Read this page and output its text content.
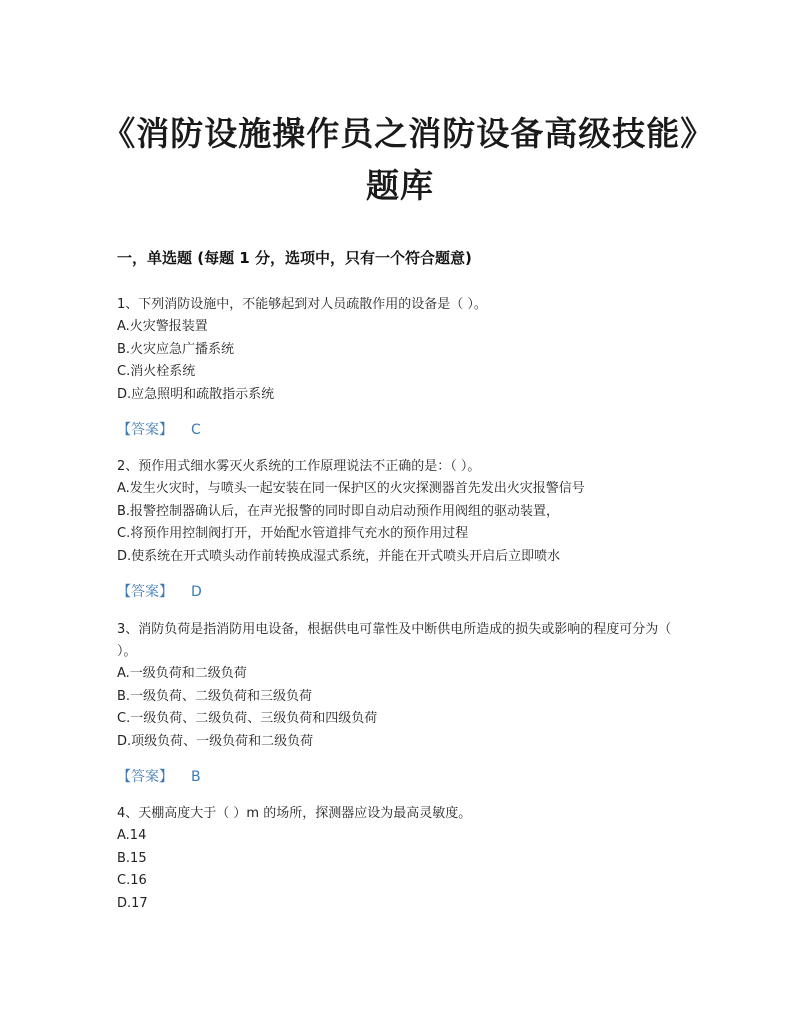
《消防设施操作员之消防设备高级技能》题库
一，单选题 (每题 1 分，选项中，只有一个符合题意)
1、下列消防设施中，不能够起到对人员疏散作用的设备是（ ）。
A.火灾警报装置
B.火灾应急广播系统
C.消火栓系统
D.应急照明和疏散指示系统
【答案】 C
2、预作用式细水雾灭火系统的工作原理说法不正确的是：（ ）。
A.发生火灾时，与喷头一起安装在同一保护区的火灾探测器首先发出火灾报警信号
B.报警控制器确认后，在声光报警的同时即自动启动预作用阀组的驱动装置，
C.将预作用控制阀打开，开始配水管道排气充水的预作用过程
D.使系统在开式喷头动作前转换成湿式系统，并能在开式喷头开启后立即喷水
【答案】 D
3、消防负荷是指消防用电设备，根据供电可靠性及中断供电所造成的损失或影响的程度可分为（ ）。
A.一级负荷和二级负荷
B.一级负荷、二级负荷和三级负荷
C.一级负荷、二级负荷、三级负荷和四级负荷
D.项级负荷、一级负荷和二级负荷
【答案】 B
4、天棚高度大于（ ）m 的场所，探测器应设为最高灵敏度。
A.14
B.15
C.16
D.17
